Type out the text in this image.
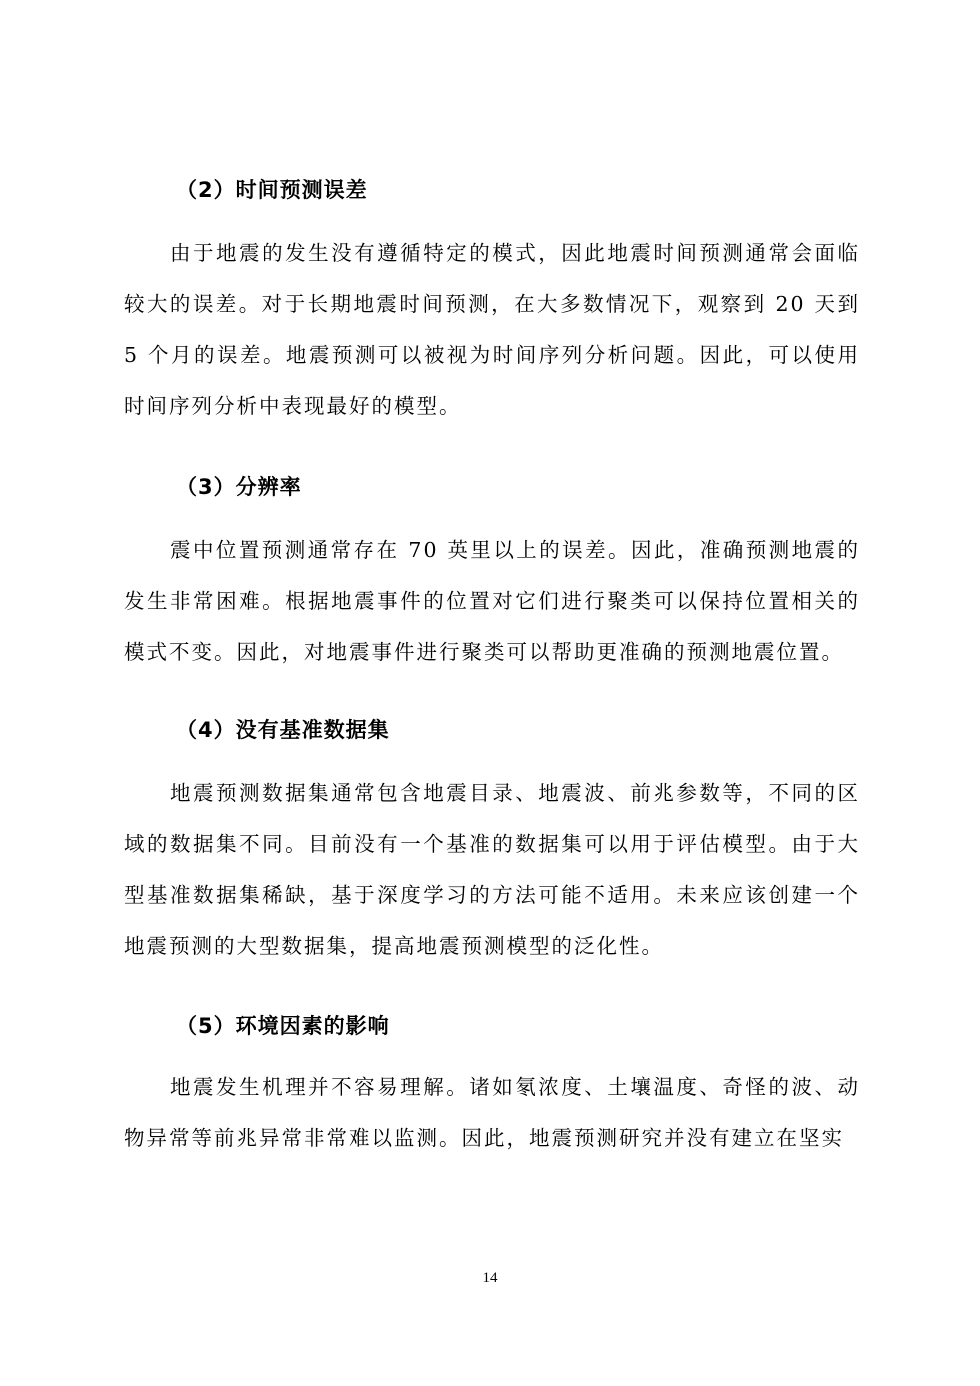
（2）时间预测误差
由于地震的发生没有遵循特定的模式，因此地震时间预测通常会面临较大的误差。对于长期地震时间预测，在大多数情况下，观察到 20 天到 5 个月的误差。地震预测可以被视为时间序列分析问题。因此，可以使用时间序列分析中表现最好的模型。
（3）分辨率
震中位置预测通常存在 70 英里以上的误差。因此，准确预测地震的发生非常困难。根据地震事件的位置对它们进行聚类可以保持位置相关的模式不变。因此，对地震事件进行聚类可以帮助更准确的预测地震位置。
（4）没有基准数据集
地震预测数据集通常包含地震目录、地震波、前兆参数等，不同的区域的数据集不同。目前没有一个基准的数据集可以用于评估模型。由于大型基准数据集稀缺，基于深度学习的方法可能不适用。未来应该创建一个地震预测的大型数据集，提高地震预测模型的泛化性。
（5）环境因素的影响
地震发生机理并不容易理解。诸如氡浓度、土壤温度、奇怪的波、动物异常等前兆异常非常难以监测。因此，地震预测研究并没有建立在坚实
14
